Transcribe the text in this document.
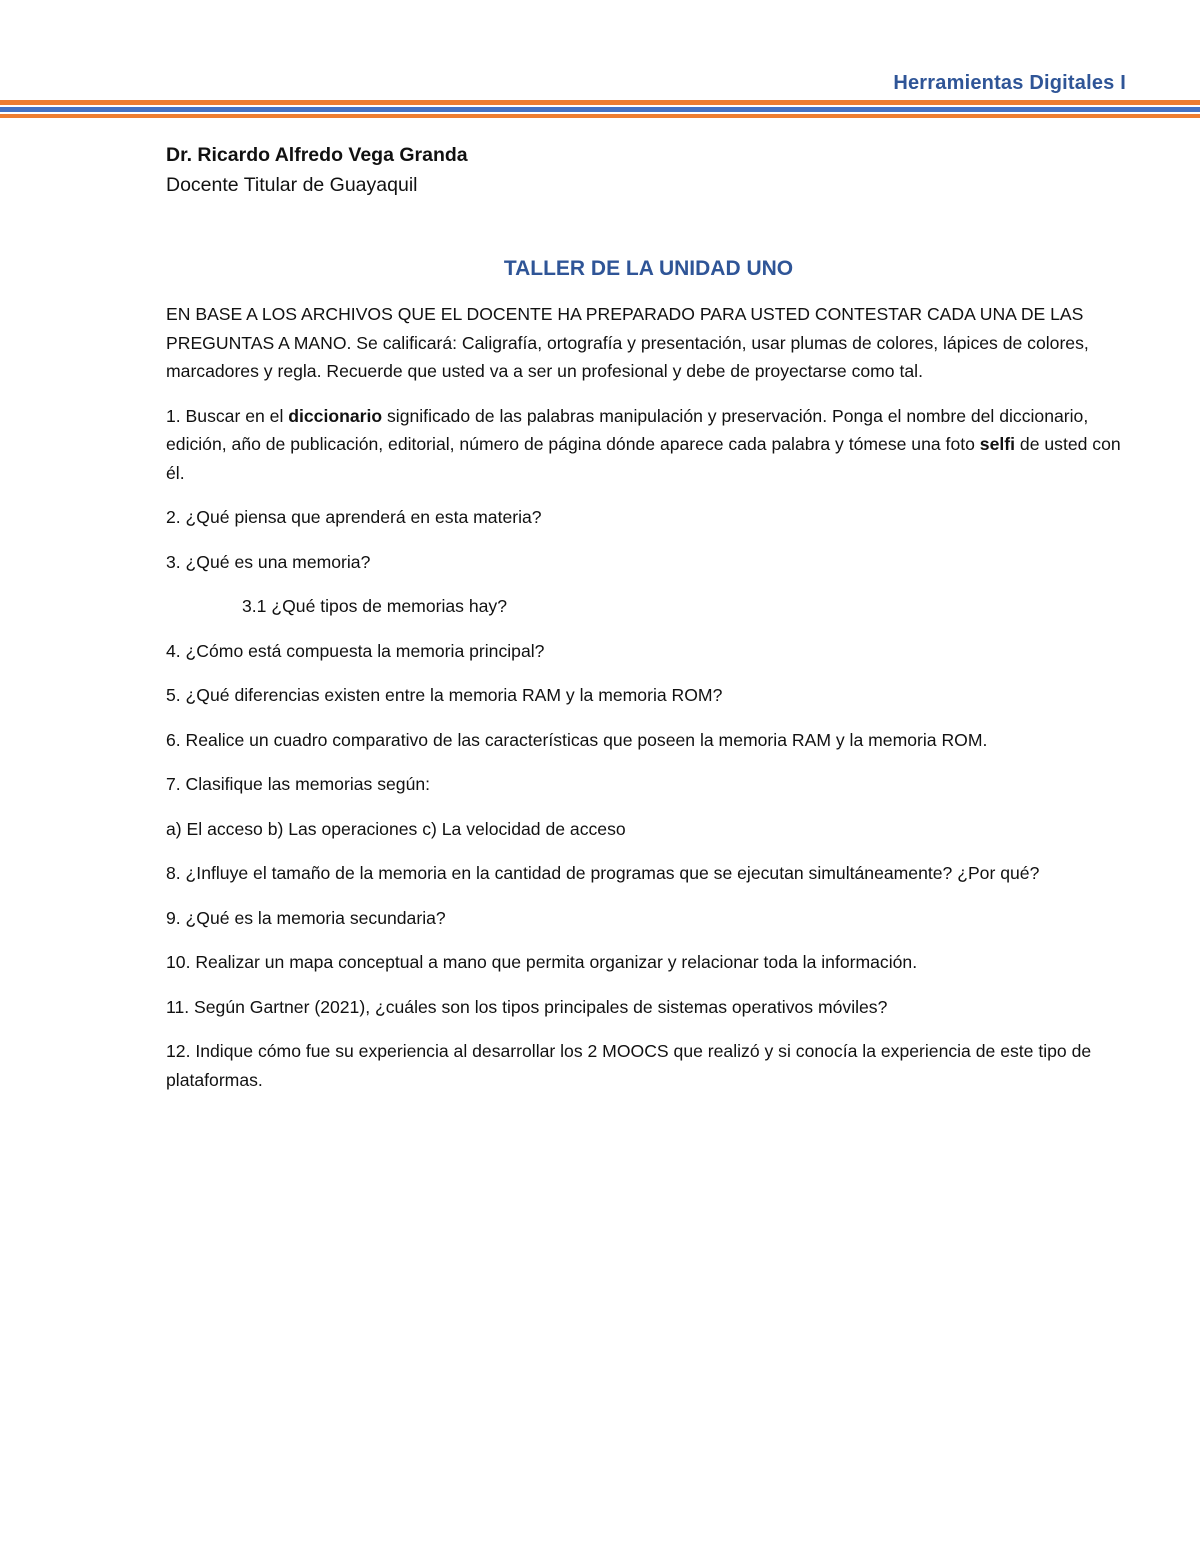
Herramientas Digitales I
Dr. Ricardo Alfredo Vega Granda
Docente Titular de Guayaquil
TALLER DE LA UNIDAD UNO

EN BASE A LOS ARCHIVOS QUE EL DOCENTE HA PREPARADO PARA USTED CONTESTAR CADA UNA DE LAS PREGUNTAS A MANO. Se calificará: Caligrafía, ortografía y presentación, usar plumas de colores, lápices de colores, marcadores y regla. Recuerde que usted va a ser un profesional y debe de proyectarse como tal.

1. Buscar en el diccionario significado de las palabras manipulación y preservación. Ponga el nombre del diccionario, edición, año de publicación, editorial, número de página dónde aparece cada palabra y tómese una foto selfi de usted con él.

2. ¿Qué piensa que aprenderá en esta materia?

3. ¿Qué es una memoria?

3.1 ¿Qué tipos de memorias hay?

4. ¿Cómo está compuesta la memoria principal?

5. ¿Qué diferencias existen entre la memoria RAM y la memoria ROM?

6. Realice un cuadro comparativo de las características que poseen la memoria RAM y la memoria ROM.

7. Clasifique las memorias según:

a) El acceso b) Las operaciones c) La velocidad de acceso

8. ¿Influye el tamaño de la memoria en la cantidad de programas que se ejecutan simultáneamente? ¿Por qué?

9. ¿Qué es la memoria secundaria?

10. Realizar un mapa conceptual a mano que permita organizar y relacionar toda la información.

11. Según Gartner (2021), ¿cuáles son los tipos principales de sistemas operativos móviles?

12. Indique cómo fue su experiencia al desarrollar los 2 MOOCS que realizó y si conocía la experiencia de este tipo de plataformas.
